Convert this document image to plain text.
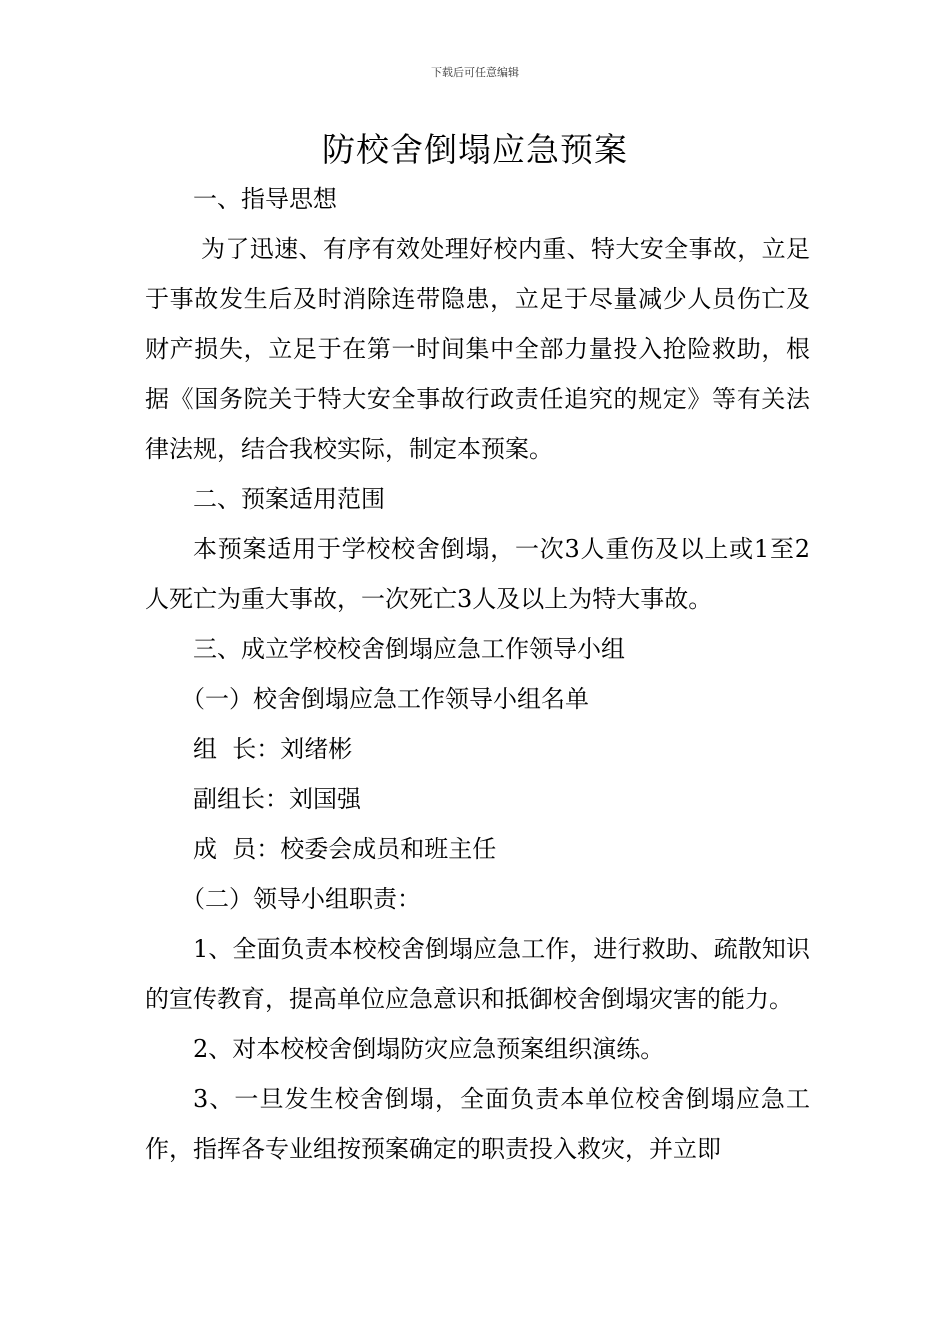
下载后可任意编辑
防校舍倒塌应急预案

一、指导思想

为了迅速、有序有效处理好校内重、特大安全事故，立足于事故发生后及时消除连带隐患，立足于尽量减少人员伤亡及财产损失，立足于在第一时间集中全部力量投入抢险救助，根据《国务院关于特大安全事故行政责任追究的规定》等有关法律法规，结合我校实际，制定本预案。

二、预案适用范围

本预案适用于学校校舍倒塌，一次3人重伤及以上或1至2人死亡为重大事故，一次死亡3人及以上为特大事故。

三、成立学校校舍倒塌应急工作领导小组

（一）校舍倒塌应急工作领导小组名单

组  长：刘绪彬

副组长：刘国强

成  员：校委会成员和班主任

（二）领导小组职责：

1、全面负责本校校舍倒塌应急工作，进行救助、疏散知识的宣传教育，提高单位应急意识和抵御校舍倒塌灾害的能力。

2、对本校校舍倒塌防灾应急预案组织演练。

3、一旦发生校舍倒塌，全面负责本单位校舍倒塌应急工作，指挥各专业组按预案确定的职责投入救灾，并立即
